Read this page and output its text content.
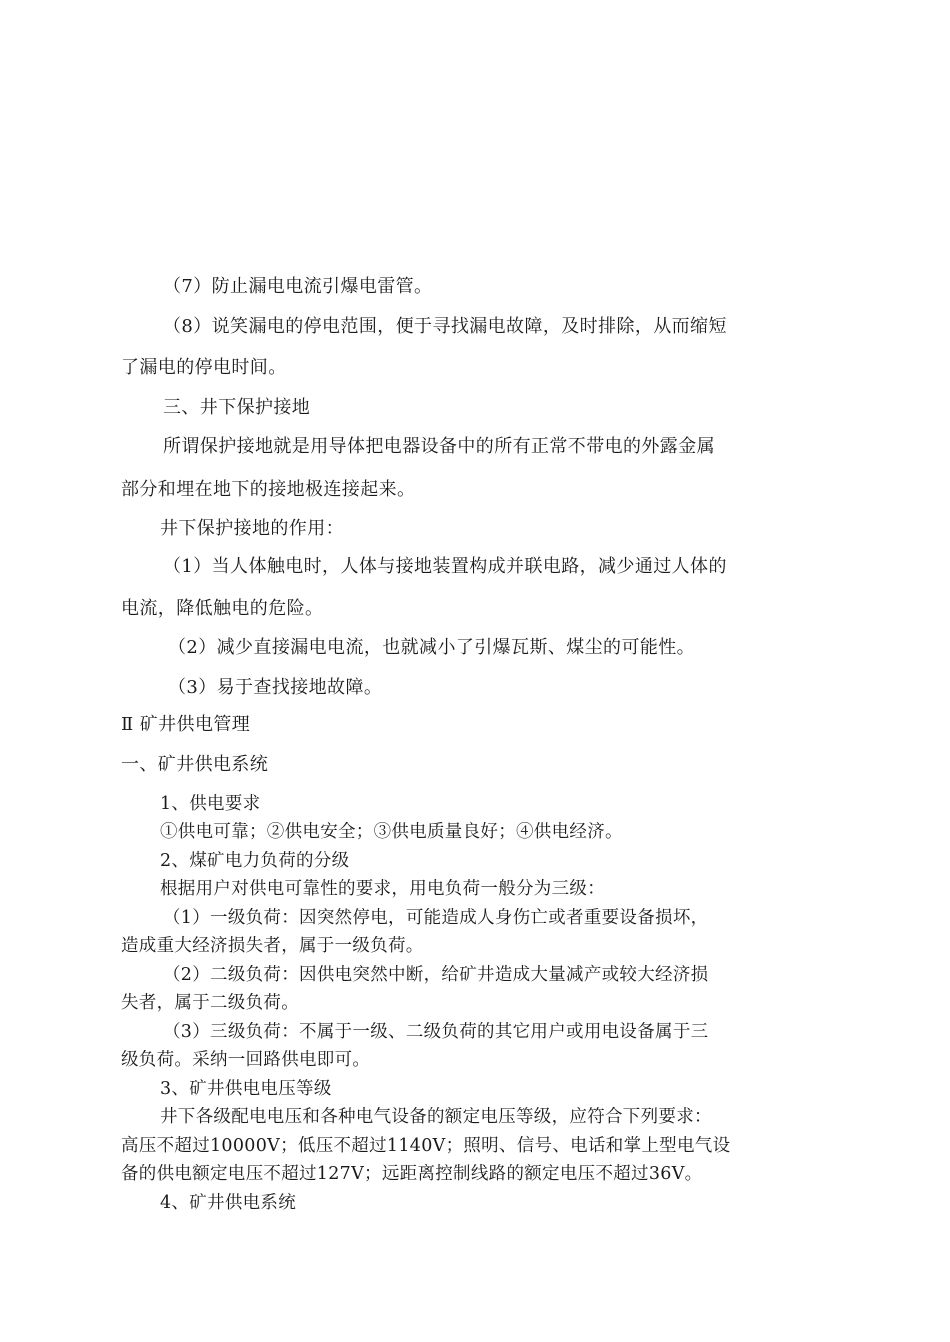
（7）防止漏电电流引爆电雷管。
（8）说笑漏电的停电范围，便于寻找漏电故障，及时排除，从而缩短
了漏电的停电时间。
三、井下保护接地
所谓保护接地就是用导体把电器设备中的所有正常不带电的外露金属
部分和埋在地下的接地极连接起来。
井下保护接地的作用：
（1）当人体触电时，人体与接地装置构成并联电路，减少通过人体的
电流，降低触电的危险。
（2）减少直接漏电电流，也就减小了引爆瓦斯、煤尘的可能性。
（3）易于查找接地故障。
Ⅱ 矿井供电管理
一、矿井供电系统
1、供电要求
①供电可靠；②供电安全；③供电质量良好；④供电经济。
2、煤矿电力负荷的分级
根据用户对供电可靠性的要求，用电负荷一般分为三级：
（1）一级负荷：因突然停电，可能造成人身伤亡或者重要设备损坏，
造成重大经济损失者，属于一级负荷。
（2）二级负荷：因供电突然中断，给矿井造成大量减产或较大经济损
失者，属于二级负荷。
（3）三级负荷：不属于一级、二级负荷的其它用户或用电设备属于三
级负荷。采纳一回路供电即可。
3、矿井供电电压等级
井下各级配电电压和各种电气设备的额定电压等级，应符合下列要求：
高压不超过10000V；低压不超过1140V；照明、信号、电话和掌上型电气设
备的供电额定电压不超过127V；远距离控制线路的额定电压不超过36V。
4、矿井供电系统
